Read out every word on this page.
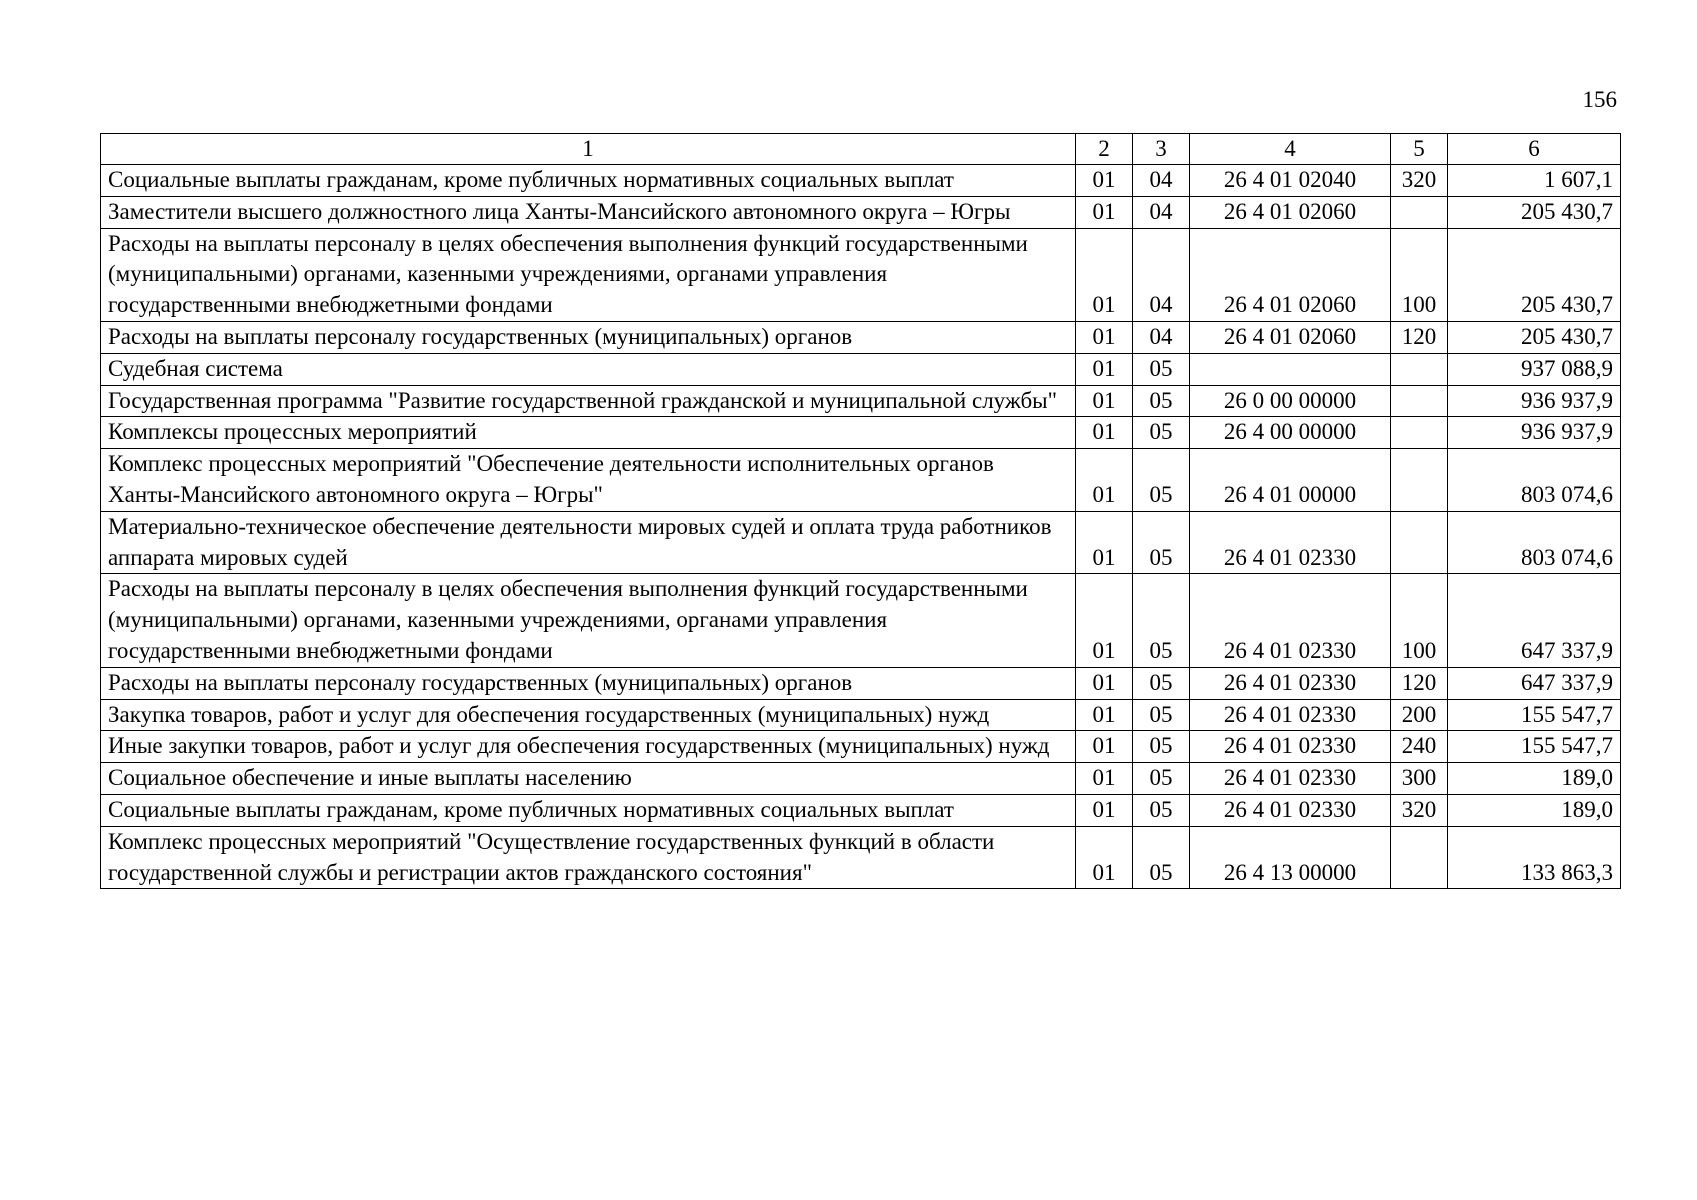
156
1	2	3	4	5	6
Социальные выплаты гражданам, кроме публичных нормативных социальных выплат	01	04	26 4 01 02040	320	1 607,1
Заместители высшего должностного лица Ханты-Мансийского автономного округа – Югры	01	04	26 4 01 02060		205 430,7
Расходы на выплаты персоналу в целях обеспечения выполнения функций государственными (муниципальными) органами, казенными учреждениями, органами управления государственными внебюджетными фондами	01	04	26 4 01 02060	100	205 430,7
Расходы на выплаты персоналу государственных (муниципальных) органов	01	04	26 4 01 02060	120	205 430,7
Судебная система	01	05			937 088,9
Государственная программа "Развитие государственной гражданской и муниципальной службы"	01	05	26 0 00 00000		936 937,9
Комплексы процессных мероприятий	01	05	26 4 00 00000		936 937,9
Комплекс процессных мероприятий "Обеспечение деятельности исполнительных органов Ханты-Мансийского автономного округа – Югры"	01	05	26 4 01 00000		803 074,6
Материально-техническое обеспечение деятельности мировых судей и оплата труда работников аппарата мировых судей	01	05	26 4 01 02330		803 074,6
Расходы на выплаты персоналу в целях обеспечения выполнения функций государственными (муниципальными) органами, казенными учреждениями, органами управления государственными внебюджетными фондами	01	05	26 4 01 02330	100	647 337,9
Расходы на выплаты персоналу государственных (муниципальных) органов	01	05	26 4 01 02330	120	647 337,9
Закупка товаров, работ и услуг для обеспечения государственных (муниципальных) нужд	01	05	26 4 01 02330	200	155 547,7
Иные закупки товаров, работ и услуг для обеспечения государственных (муниципальных) нужд	01	05	26 4 01 02330	240	155 547,7
Социальное обеспечение и иные выплаты населению	01	05	26 4 01 02330	300	189,0
Социальные выплаты гражданам, кроме публичных нормативных социальных выплат	01	05	26 4 01 02330	320	189,0
Комплекс процессных мероприятий "Осуществление государственных функций в области государственной службы и регистрации актов гражданского состояния"	01	05	26 4 13 00000		133 863,3
